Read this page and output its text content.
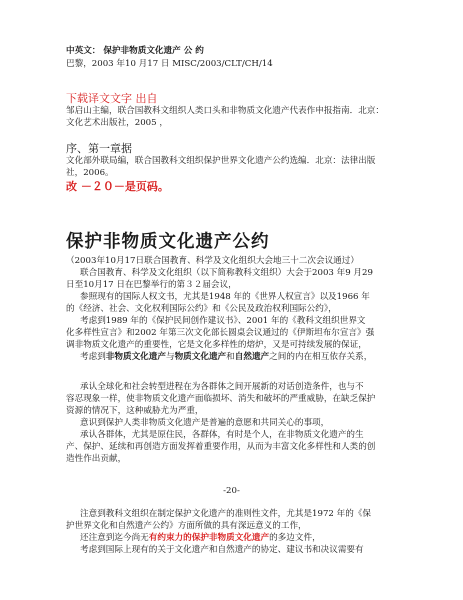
中英文： 保护非物质文化遗产 公 约
巴黎，2003 年10 月17 日 MISC/2003/CLT/CH/14
下载译文文字 出自
邹启山主编，联合国教科文组织人类口头和非物质文化遗产代表作申报指南．北京：
文化艺术出版社，2005 ，
序、第一章据
文化部外联局编，联合国教科文组织保护世界文化遗产公约选编．北京：法律出版
社，2006。
改 －２０－是页码。
保护非物质文化遗产公约
（2003年10月17日联合国教育、科学及文化组织大会地三十二次会议通过）
联合国教育、科学及文化组织（以下简称教科文组织）大会于2003 年9 月29
日至10月17 日在巴黎举行的第３２届会议，
参照现有的国际人权文书，尤其是1948 年的《世界人权宣言》以及1966 年
的《经济、社会、文化权利国际公约》和《公民及政治权利国际公约》，
考虑到1989 年的《保护民间创作建议书》、2001 年的《教科文组织世界文
化多样性宣言》和2002 年第三次文化部长圆桌会议通过的《伊斯坦布尔宣言》强
调非物质文化遗产的重要性，它是文化多样性的熔炉，又是可持续发展的保证，
考虑到非物质文化遗产与物质文化遗产和自然遗产之间的内在相互依存关系，
承认全球化和社会转型进程在为各群体之间开展新的对话创造条件，也与不
容忍现象一样，使非物质文化遗产面临损坏、消失和破坏的严重威胁，在缺乏保护
资源的情况下，这种威胁尤为严重，
意识到保护人类非物质文化遗产是普遍的意愿和共同关心的事项，
承认各群体，尤其是原住民，各群体，有时是个人，在非物质文化遗产的生
产、保护、延续和再创造方面发挥着重要作用，从而为丰富文化多样性和人类的创
造性作出贡献，
-20-
注意到教科文组织在制定保护文化遗产的准则性文件，尤其是1972 年的《保
护世界文化和自然遗产公约》方面所做的具有深远意义的工作，
还注意到迄今尚无有约束力的保护非物质文化遗产的多边文件，
考虑到国际上现有的关于文化遗产和自然遗产的协定、建议书和决议需要有
